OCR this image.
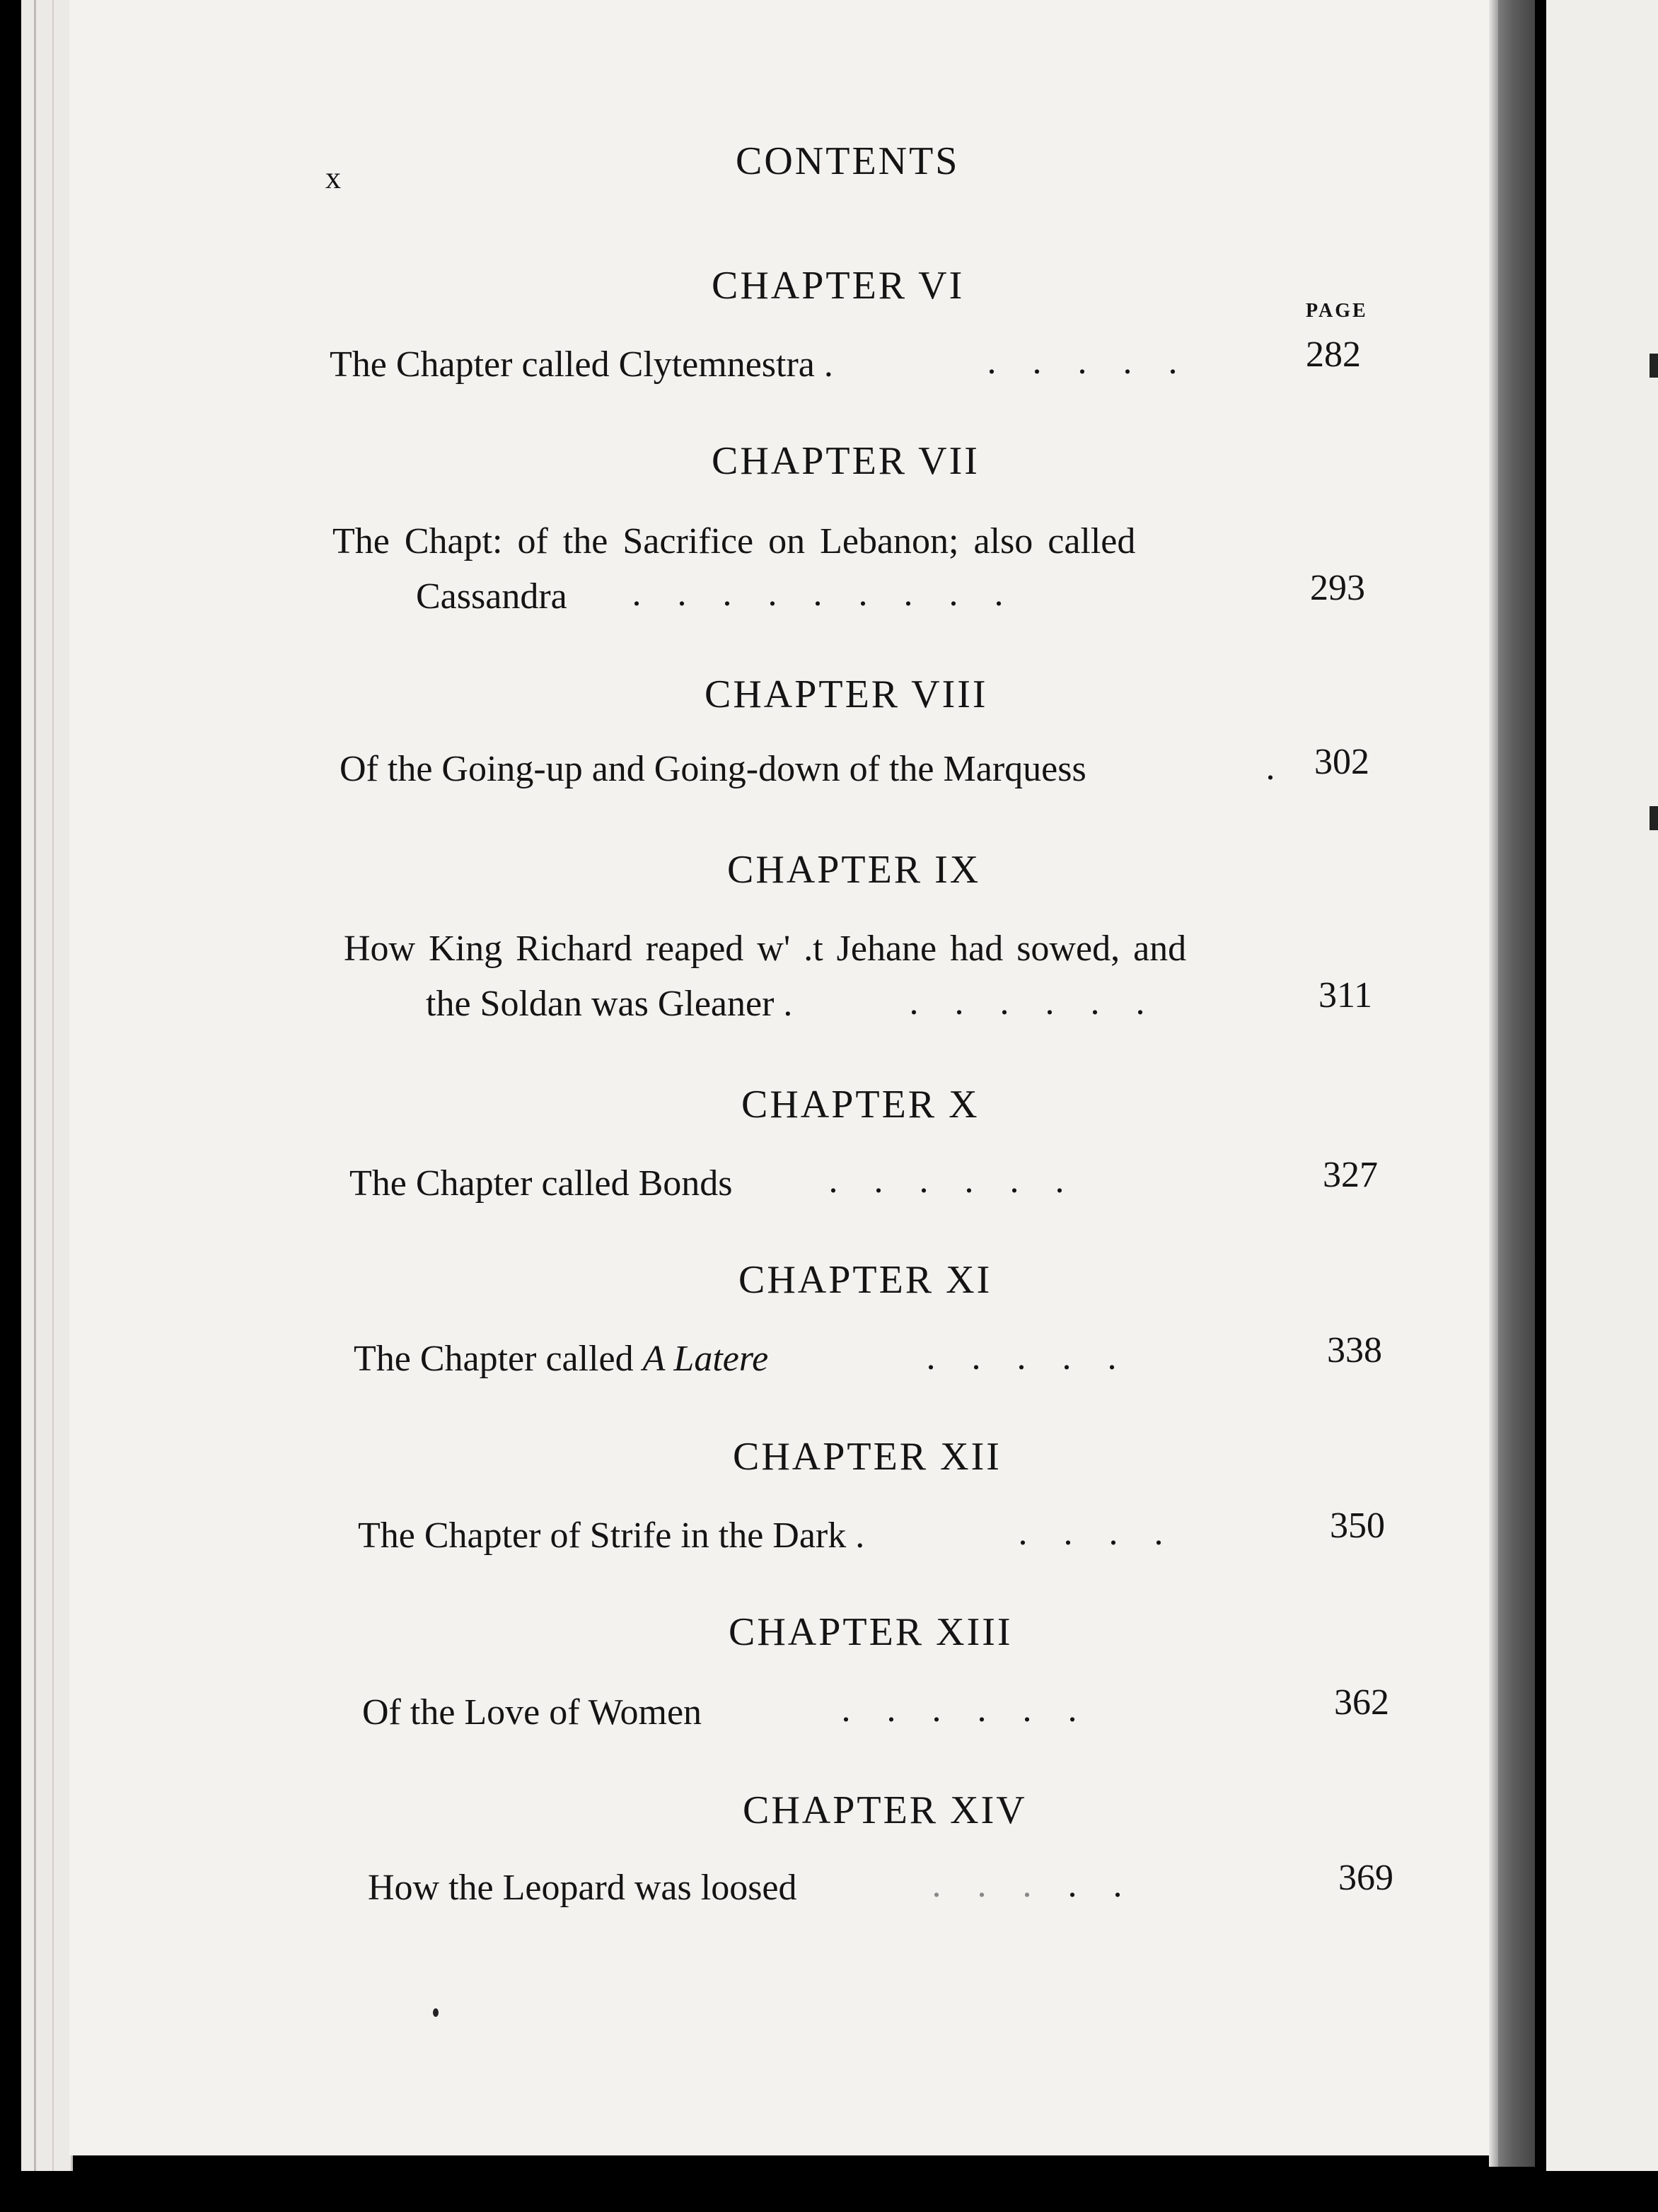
x	CONTENTS
PAGE
CHAPTER VI
The Chapter called Clytemnestra .	. . . . .	282
CHAPTER VII
The Chapt: of the Sacrifice on Lebanon; also called
Cassandra	. . . . . . . . .	293
CHAPTER VIII
Of the Going-up and Going-down of the Marquess	.	302
CHAPTER IX
How King Richard reaped w' .t Jehane had sowed, and
the Soldan was Gleaner .	. . . . . .	311
CHAPTER X
The Chapter called Bonds	. . . . . .	327
CHAPTER XI
The Chapter called A Latere	. . . . .	338
CHAPTER XII
The Chapter of Strife in the Dark .	. . . .	350
CHAPTER XIII
Of the Love of Women	. . . . . .	362
CHAPTER XIV
How the Leopard was loosed	. . . . .	369
